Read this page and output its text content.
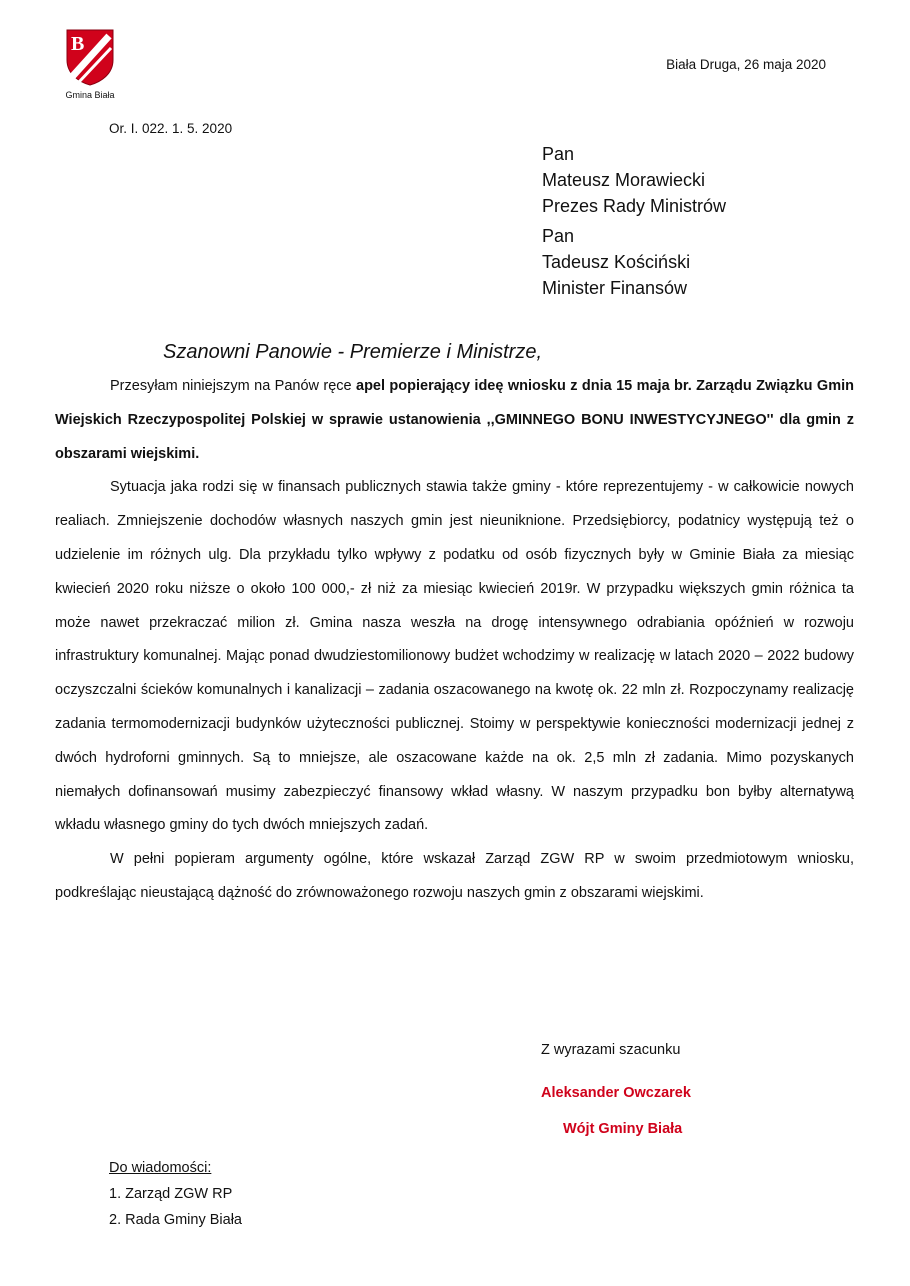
B
Gmina Biała
Biała Druga, 26 maja 2020
Or. I. 022. 1. 5. 2020
Pan
Mateusz Morawiecki
Prezes Rady Ministrów
Pan
Tadeusz Kościński
Minister Finansów
Szanowni Panowie - Premierze i Ministrze,

Przesyłam niniejszym na Panów ręce apel popierający ideę wniosku z dnia 15 maja br. Zarządu Związku Gmin Wiejskich Rzeczypospolitej Polskiej w sprawie ustanowienia ,,GMINNEGO BONU INWESTYCYJNEGO'' dla gmin z obszarami wiejskimi.

Sytuacja jaka rodzi się w finansach publicznych stawia także gminy - które reprezentujemy - w całkowicie nowych realiach. Zmniejszenie dochodów własnych naszych gmin jest nieuniknione. Przedsiębiorcy, podatnicy występują też o udzielenie im różnych ulg. Dla przykładu tylko wpływy z podatku od osób fizycznych były w Gminie Biała za miesiąc kwiecień 2020 roku niższe o około 100 000,- zł niż za miesiąc kwiecień 2019r. W przypadku większych gmin różnica ta może nawet przekraczać milion zł. Gmina nasza weszła na drogę intensywnego odrabiania opóźnień w rozwoju infrastruktury komunalnej. Mając ponad dwudziestomilionowy budżet wchodzimy w realizację w latach 2020 – 2022 budowy oczyszczalni ścieków komunalnych i kanalizacji – zadania oszacowanego na kwotę ok. 22 mln zł. Rozpoczynamy realizację zadania termomodernizacji budynków użyteczności publicznej. Stoimy w perspektywie konieczności modernizacji jednej z dwóch hydroforni gminnych. Są to mniejsze, ale oszacowane każde na ok. 2,5 mln zł zadania. Mimo pozyskanych niemałych dofinansowań musimy zabezpieczyć finansowy wkład własny. W naszym przypadku bon byłby alternatywą wkładu własnego gminy do tych dwóch mniejszych zadań.

W pełni popieram argumenty ogólne, które wskazał Zarząd ZGW RP w swoim przedmiotowym wniosku, podkreślając nieustającą dążność do zrównoważonego rozwoju naszych gmin z obszarami wiejskimi.

Z wyrazami szacunku
Aleksander Owczarek
Wójt Gminy Biała
Do wiadomości:
1. Zarząd ZGW RP
2. Rada Gminy Biała
